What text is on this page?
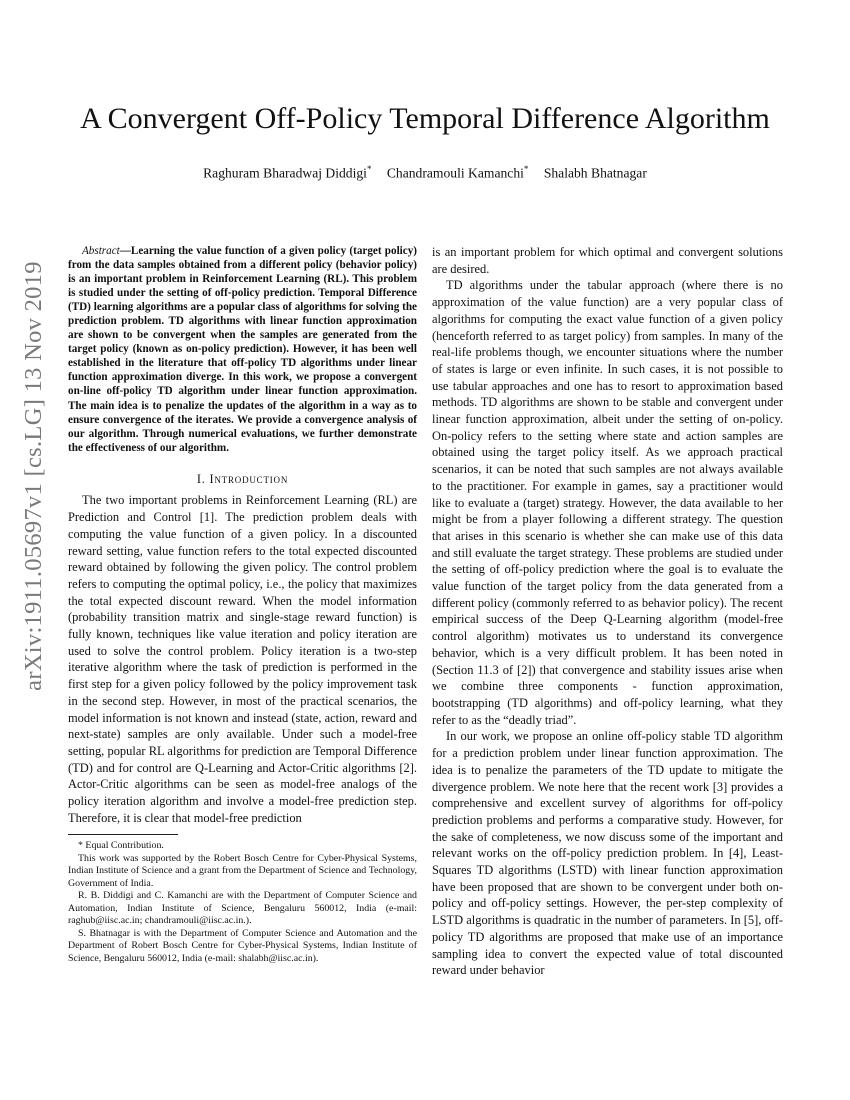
arXiv:1911.05697v1 [cs.LG] 13 Nov 2019
A Convergent Off-Policy Temporal Difference Algorithm
Raghuram Bharadwaj Diddigi* Chandramouli Kamanchi* Shalabh Bhatnagar

Abstract—Learning the value function of a given policy (target policy) from the data samples obtained from a different policy (behavior policy) is an important problem in Reinforcement Learning (RL). This problem is studied under the setting of off-policy prediction. Temporal Difference (TD) learning algorithms are a popular class of algorithms for solving the prediction problem. TD algorithms with linear function approximation are shown to be convergent when the samples are generated from the target policy (known as on-policy prediction). However, it has been well established in the literature that off-policy TD algorithms under linear function approximation diverge. In this work, we propose a convergent on-line off-policy TD algorithm under linear function approximation. The main idea is to penalize the updates of the algorithm in a way as to ensure convergence of the iterates. We provide a convergence analysis of our algorithm. Through numerical evaluations, we further demonstrate the effectiveness of our algorithm.

I. Introduction

The two important problems in Reinforcement Learning (RL) are Prediction and Control [1]. The prediction problem deals with computing the value function of a given policy. In a discounted reward setting, value function refers to the total expected discounted reward obtained by following the given policy. The control problem refers to computing the optimal policy, i.e., the policy that maximizes the total expected discount reward. When the model information (probability transition matrix and single-stage reward function) is fully known, techniques like value iteration and policy iteration are used to solve the control problem. Policy iteration is a two-step iterative algorithm where the task of prediction is performed in the first step for a given policy followed by the policy improvement task in the second step. However, in most of the practical scenarios, the model information is not known and instead (state, action, reward and next-state) samples are only available. Under such a model-free setting, popular RL algorithms for prediction are Temporal Difference (TD) and for control are Q-Learning and Actor-Critic algorithms [2]. Actor-Critic algorithms can be seen as model-free analogs of the policy iteration algorithm and involve a model-free prediction step. Therefore, it is clear that model-free prediction

* Equal Contribution.

This work was supported by the Robert Bosch Centre for Cyber-Physical Systems, Indian Institute of Science and a grant from the Department of Science and Technology, Government of India.

R. B. Diddigi and C. Kamanchi are with the Department of Computer Science and Automation, Indian Institute of Science, Bengaluru 560012, India (e-mail: raghub@iisc.ac.in; chandramouli@iisc.ac.in.).

S. Bhatnagar is with the Department of Computer Science and Automation and the Department of Robert Bosch Centre for Cyber-Physical Systems, Indian Institute of Science, Bengaluru 560012, India (e-mail: shalabh@iisc.ac.in).

is an important problem for which optimal and convergent solutions are desired.

TD algorithms under the tabular approach (where there is no approximation of the value function) are a very popular class of algorithms for computing the exact value function of a given policy (henceforth referred to as target policy) from samples. In many of the real-life problems though, we encounter situations where the number of states is large or even infinite. In such cases, it is not possible to use tabular approaches and one has to resort to approximation based methods. TD algorithms are shown to be stable and convergent under linear function approximation, albeit under the setting of on-policy. On-policy refers to the setting where state and action samples are obtained using the target policy itself. As we approach practical scenarios, it can be noted that such samples are not always available to the practitioner. For example in games, say a practitioner would like to evaluate a (target) strategy. However, the data available to her might be from a player following a different strategy. The question that arises in this scenario is whether she can make use of this data and still evaluate the target strategy. These problems are studied under the setting of off-policy prediction where the goal is to evaluate the value function of the target policy from the data generated from a different policy (commonly referred to as behavior policy). The recent empirical success of the Deep Q-Learning algorithm (model-free control algorithm) motivates us to understand its convergence behavior, which is a very difficult problem. It has been noted in (Section 11.3 of [2]) that convergence and stability issues arise when we combine three components - function approximation, bootstrapping (TD algorithms) and off-policy learning, what they refer to as the “deadly triad”.

In our work, we propose an online off-policy stable TD algorithm for a prediction problem under linear function approximation. The idea is to penalize the parameters of the TD update to mitigate the divergence problem. We note here that the recent work [3] provides a comprehensive and excellent survey of algorithms for off-policy prediction problems and performs a comparative study. However, for the sake of completeness, we now discuss some of the important and relevant works on the off-policy prediction problem. In [4], Least-Squares TD algorithms (LSTD) with linear function approximation have been proposed that are shown to be convergent under both on-policy and off-policy settings. However, the per-step complexity of LSTD algorithms is quadratic in the number of parameters. In [5], off-policy TD algorithms are proposed that make use of an importance sampling idea to convert the expected value of total discounted reward under behavior
